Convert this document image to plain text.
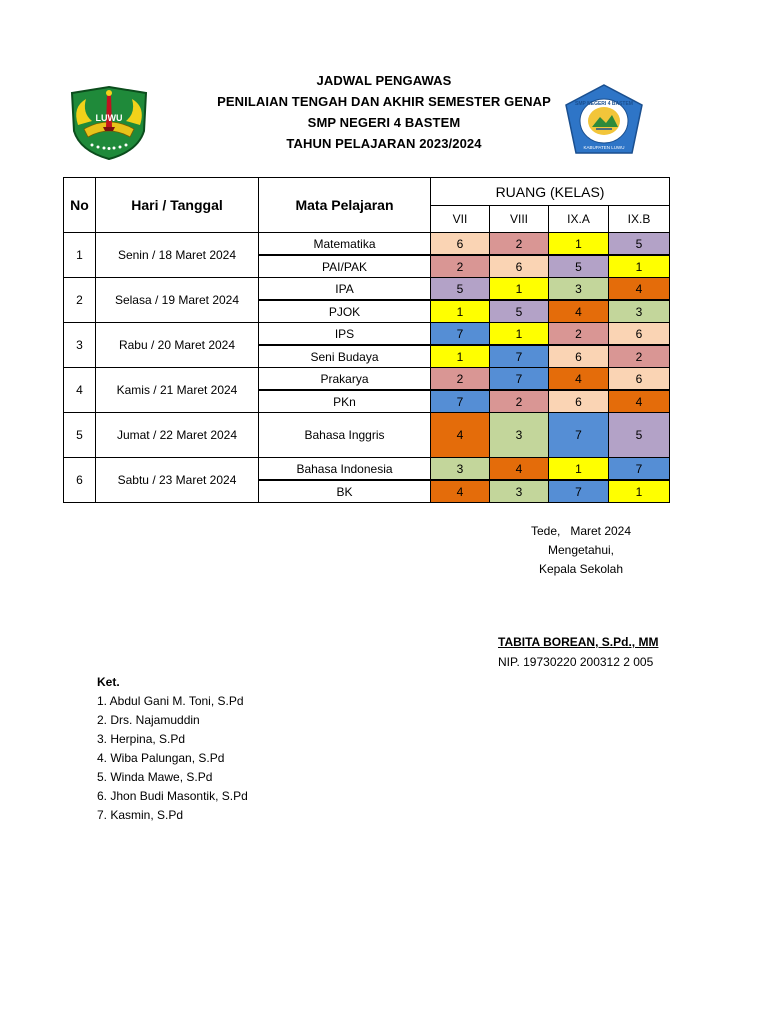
LUWU
JADWAL PENGAWAS
PENILAIAN TENGAH DAN AKHIR SEMESTER GENAP
SMP NEGERI 4 BASTEM
TAHUN PELAJARAN 2023/2024
SMP NEGERI 4 BASTEM
KABUPATEN LUWU
No	Hari / Tanggal	Mata Pelajaran	RUANG (KELAS)			
			VII	VIII	IX.A	IX.B
1	Senin / 18 Maret 2024	Matematika	6	2	1	5
		PAI/PAK	2	6	5	1
2	Selasa / 19 Maret 2024	IPA	5	1	3	4
		PJOK	1	5	4	3
3	Rabu / 20 Maret 2024	IPS	7	1	2	6
		Seni Budaya	1	7	6	2
4	Kamis / 21 Maret 2024	Prakarya	2	7	4	6
		PKn	7	2	6	4
5	Jumat / 22 Maret 2024	Bahasa Inggris	4	3	7	5
6	Sabtu / 23 Maret 2024	Bahasa Indonesia	3	4	1	7
		BK	4	3	7	1
Tede,   Maret 2024
Mengetahui,
Kepala Sekolah
TABITA BOREAN, S.Pd., MM
NIP. 19730220 200312 2 005
Ket.
1. Abdul Gani M. Toni, S.Pd
2. Drs. Najamuddin
3. Herpina, S.Pd
4. Wiba Palungan, S.Pd
5. Winda Mawe, S.Pd
6. Jhon Budi Masontik, S.Pd
7. Kasmin, S.Pd
